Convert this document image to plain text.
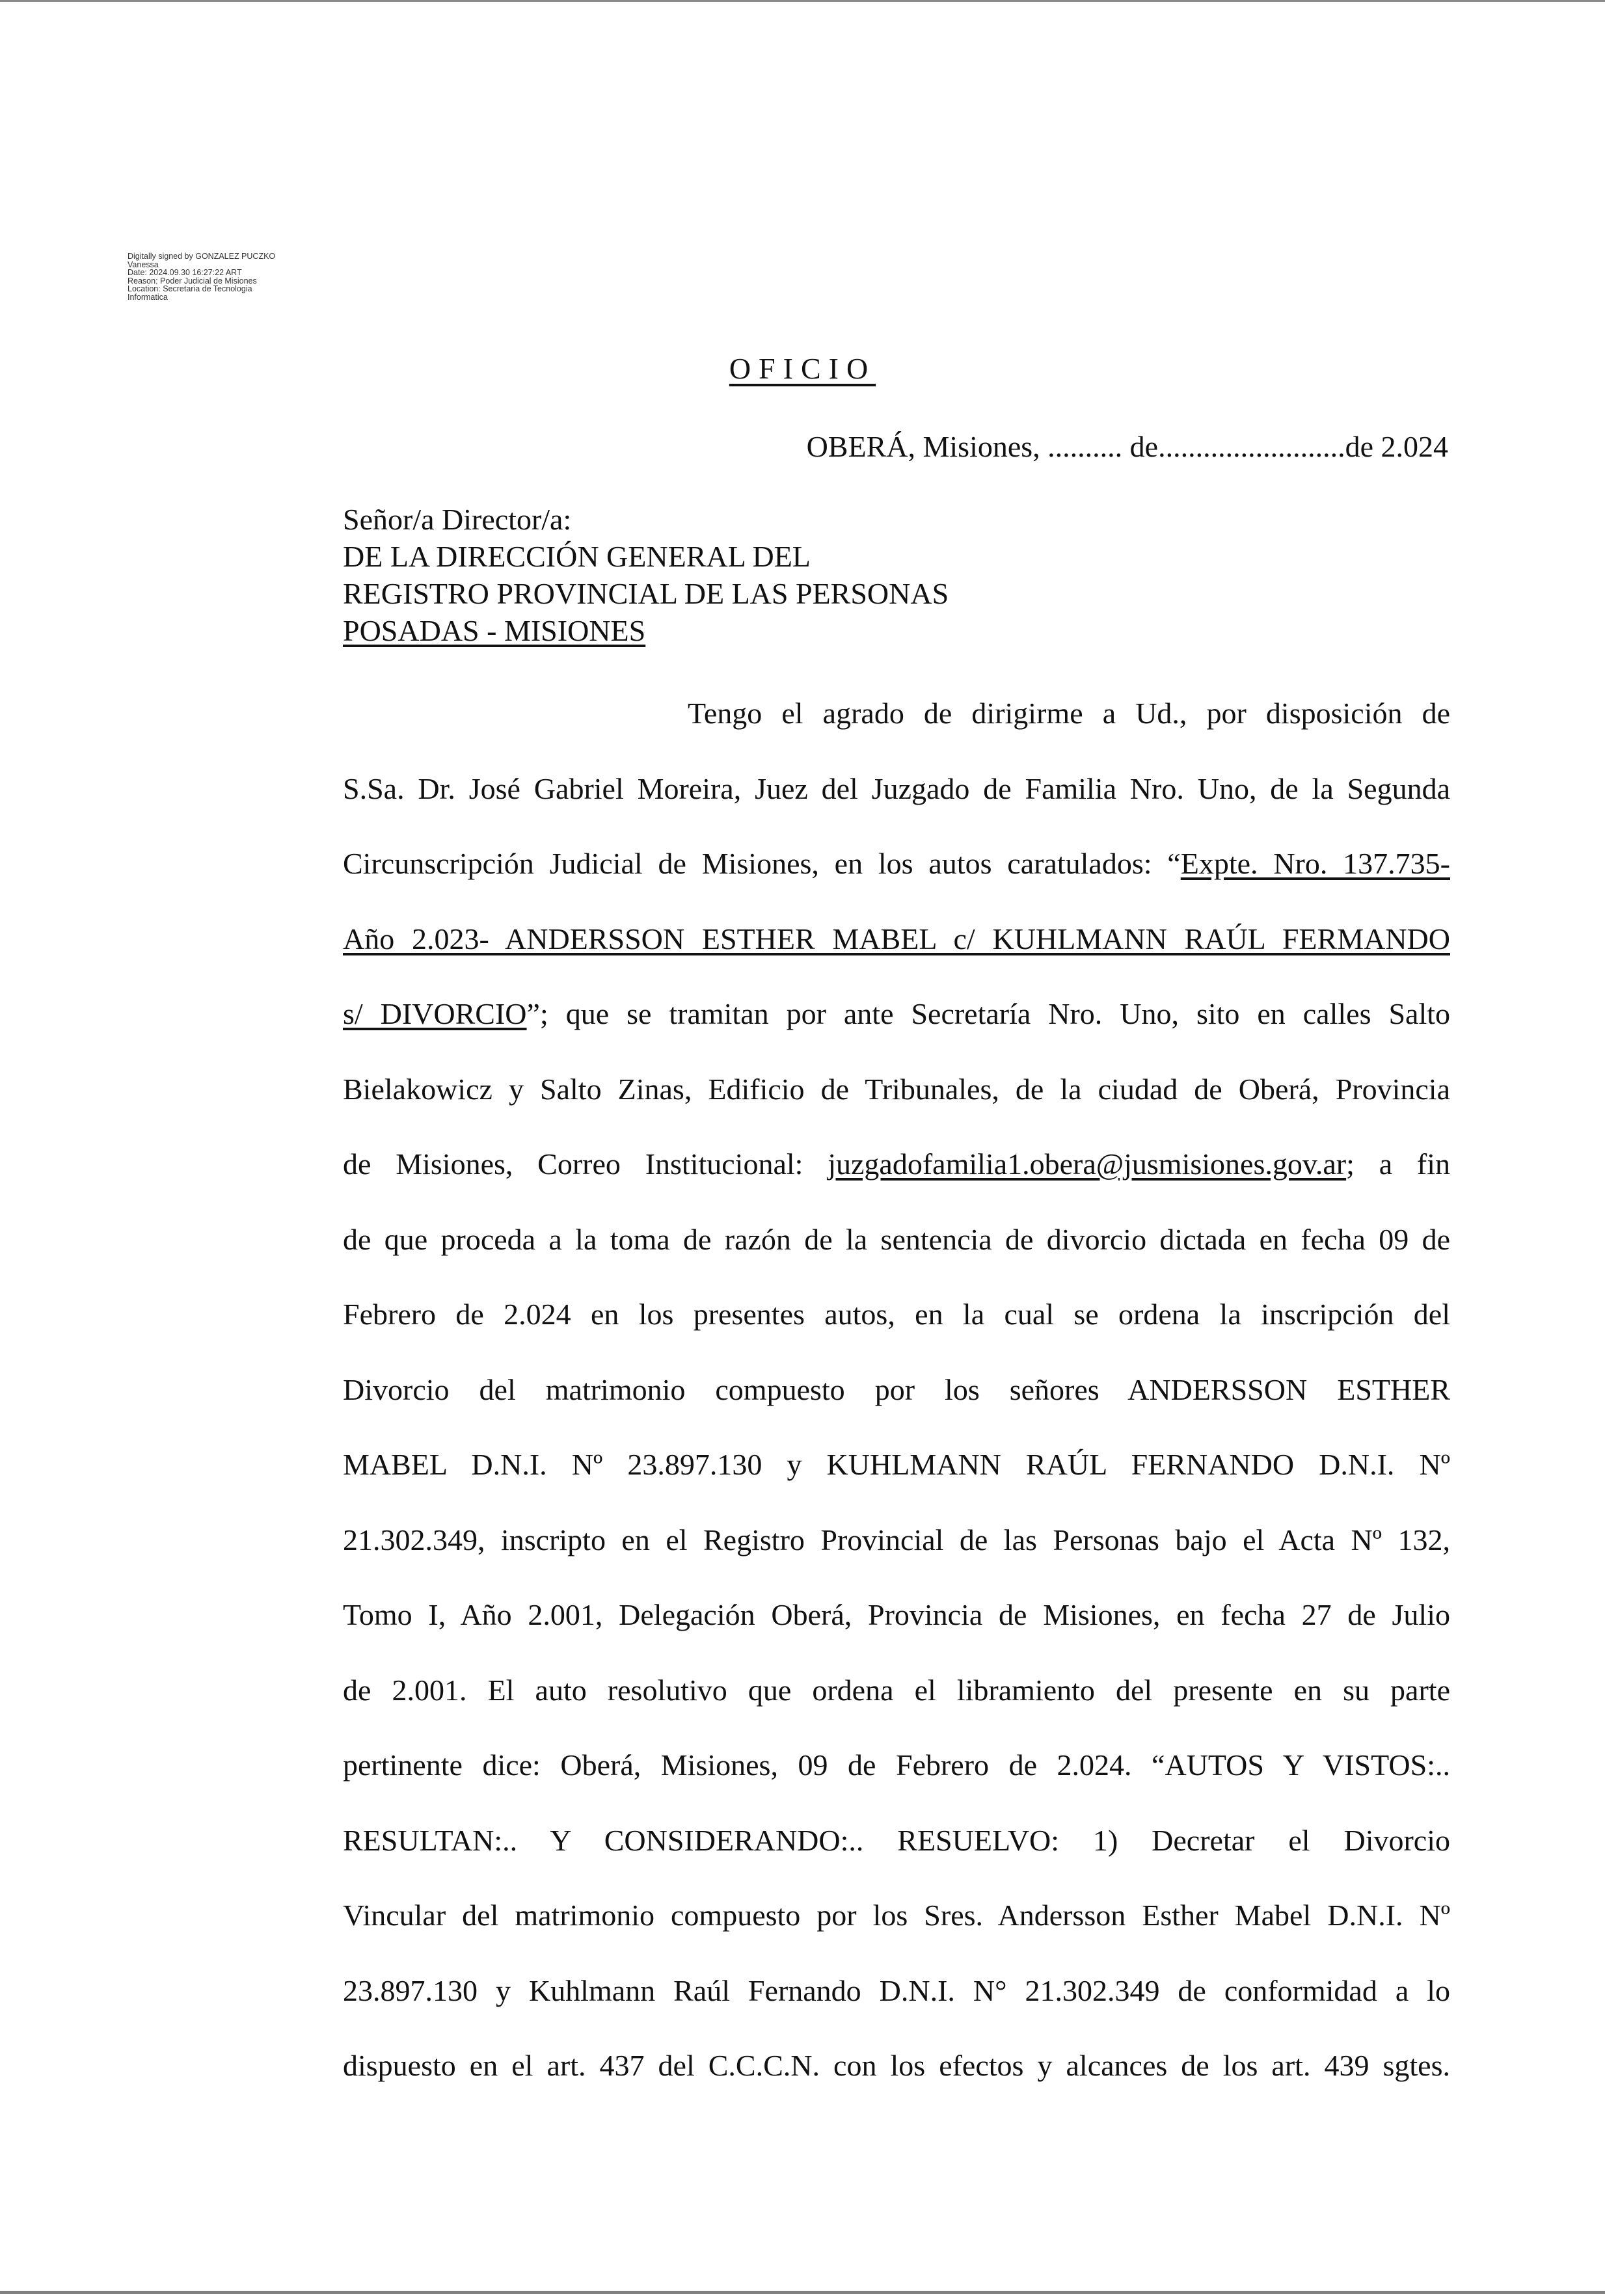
Digitally signed by GONZALEZ PUCZKO
Vanessa
Date: 2024.09.30 16:27:22 ART
Reason: Poder Judicial de Misiones
Location: Secretaria de Tecnologia
Informatica
OFICIO
OBERÁ, Misiones, .......... de.........................de 2.024
Señor/a Director/a:
DE LA DIRECCIÓN GENERAL DEL
REGISTRO PROVINCIAL DE LAS PERSONAS
POSADAS - MISIONES
Tengo el agrado de dirigirme a Ud., por disposición de
S.Sa. Dr. José Gabriel Moreira, Juez del Juzgado de Familia Nro. Uno, de la Segunda
Circunscripción Judicial de Misiones, en los autos caratulados: “Expte. Nro. 137.735-
Año 2.023- ANDERSSON ESTHER MABEL c/ KUHLMANN RAÚL FERMANDO
s/ DIVORCIO”; que se tramitan por ante Secretaría Nro. Uno, sito en calles Salto
Bielakowicz y Salto Zinas, Edificio de Tribunales, de la ciudad de Oberá, Provincia
de Misiones, Correo Institucional: juzgadofamilia1.obera@jusmisiones.gov.ar; a fin
de que proceda a la toma de razón de la sentencia de divorcio dictada en fecha 09 de
Febrero de 2.024 en los presentes autos, en la cual se ordena la inscripción del
Divorcio del matrimonio compuesto por los señores ANDERSSON ESTHER
MABEL D.N.I. Nº 23.897.130 y KUHLMANN RAÚL FERNANDO D.N.I. Nº
21.302.349, inscripto en el Registro Provincial de las Personas bajo el Acta Nº 132,
Tomo I, Año 2.001, Delegación Oberá, Provincia de Misiones, en fecha 27 de Julio
de 2.001. El auto resolutivo que ordena el libramiento del presente en su parte
pertinente dice: Oberá, Misiones, 09 de Febrero de 2.024. “AUTOS Y VISTOS:..
RESULTAN:.. Y CONSIDERANDO:.. RESUELVO: 1) Decretar el Divorcio
Vincular del matrimonio compuesto por los Sres. Andersson Esther Mabel D.N.I. Nº
23.897.130 y Kuhlmann Raúl Fernando D.N.I. N° 21.302.349 de conformidad a lo
dispuesto en el art. 437 del C.C.C.N. con los efectos y alcances de los art. 439 sgtes.
